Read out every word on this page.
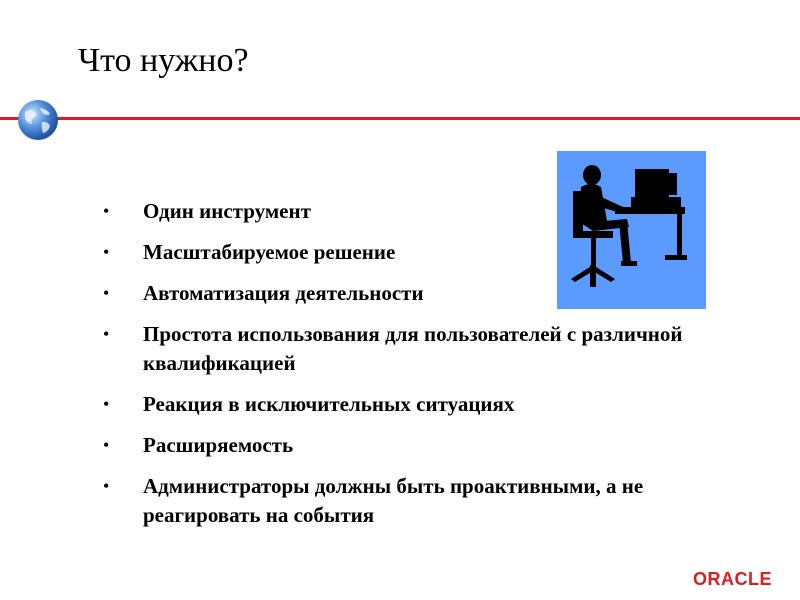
Что нужно?
• Один инструмент
• Масштабируемое решение
• Автоматизация деятельности
• Простота использования для пользователей с различной квалификацией
• Реакция в исключительных ситуациях
• Расширяемость
• Администраторы должны быть проактивными, а не реагировать на события
ORACLE
